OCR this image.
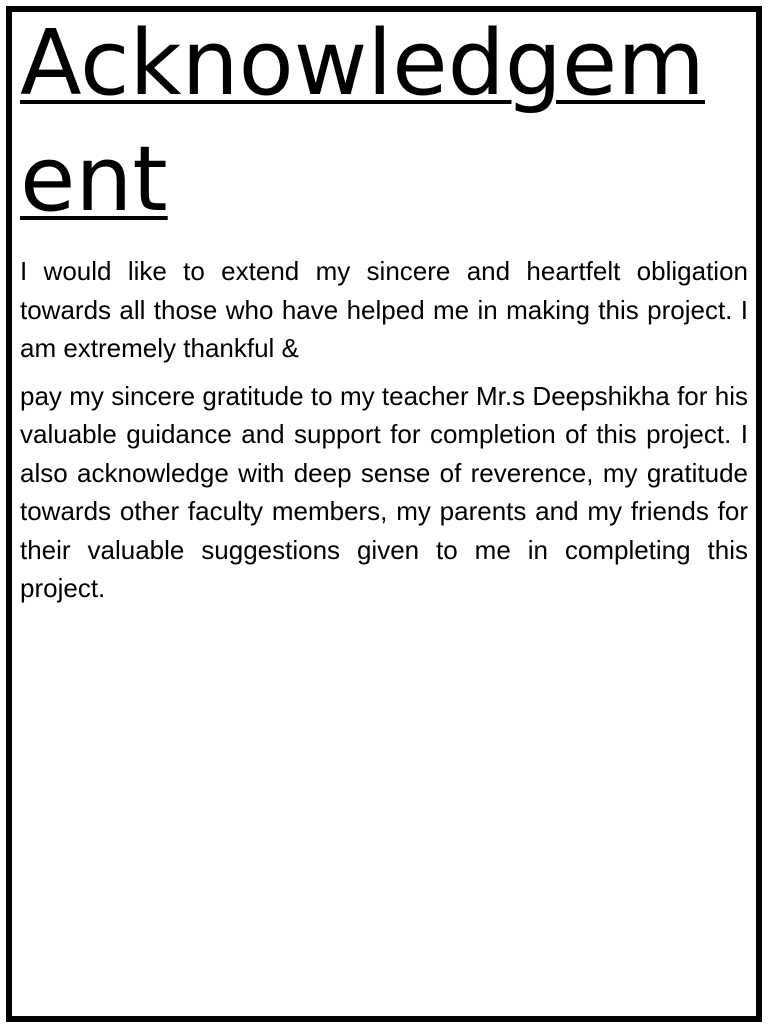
Acknowledgement

I would like to extend my sincere and heartfelt obligation towards all those who have helped me in making this project. I am extremely thankful &

pay my sincere gratitude to my teacher Mr.s Deepshikha for his valuable guidance and support for completion of this project. I also acknowledge with deep sense of reverence, my gratitude towards other faculty members, my parents and my friends for their valuable suggestions given to me in completing this project.
